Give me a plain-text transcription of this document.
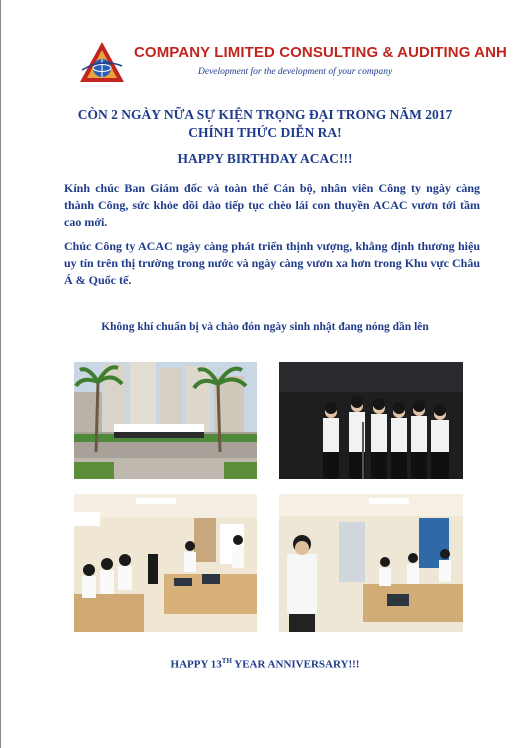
COMPANY LIMITED CONSULTING & AUDITING ANH
Development for the development of your company
CÒN 2 NGÀY NỮA SỰ KIỆN TRỌNG ĐẠI TRONG NĂM 2017
CHÍNH THỨC DIỄN RA!
HAPPY BIRTHDAY ACAC!!!
Kính chúc Ban Giám đốc và toàn thể Cán bộ, nhân viên Công ty ngày càng thành Công, sức khỏe dồi dào tiếp tục chèo lái con thuyền ACAC vươn tới tầm cao mới.
Chúc Công ty ACAC ngày càng phát triển thịnh vượng, khẳng định thương hiệu uy tín trên thị trường trong nước và ngày càng vươn xa hơn trong Khu vực Châu Á & Quốc tế.
Không khí chuẩn bị và chào đón ngày sinh nhật đang nóng dần lên
HAPPY 13TH YEAR ANNIVERSARY!!!
